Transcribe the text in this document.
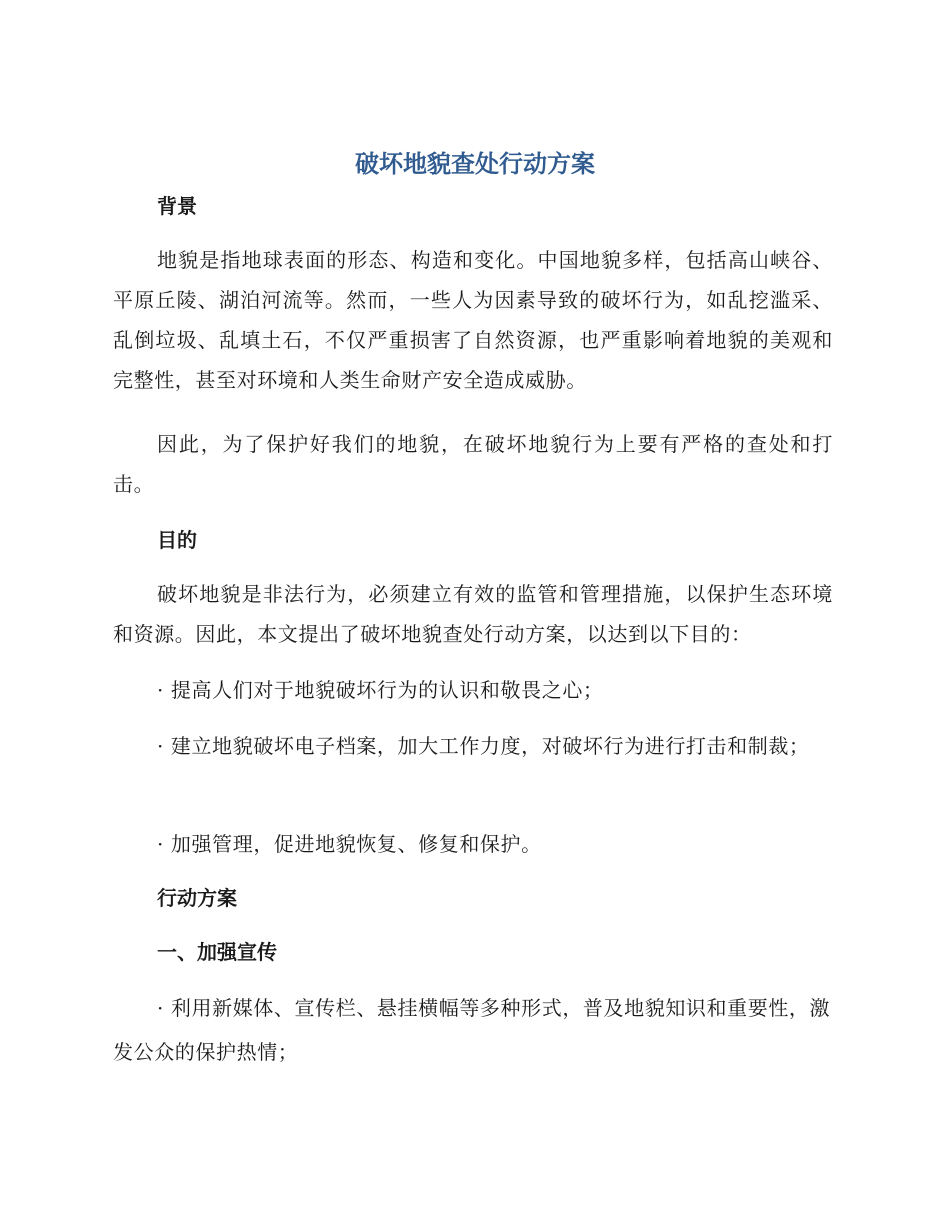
破坏地貌查处行动方案
背景

地貌是指地球表面的形态、构造和变化。中国地貌多样，包括高山峡谷、平原丘陵、湖泊河流等。然而，一些人为因素导致的破坏行为，如乱挖滥采、乱倒垃圾、乱填土石，不仅严重损害了自然资源，也严重影响着地貌的美观和完整性，甚至对环境和人类生命财产安全造成威胁。

因此，为了保护好我们的地貌，在破坏地貌行为上要有严格的查处和打击。

目的

破坏地貌是非法行为，必须建立有效的监管和管理措施，以保护生态环境和资源。因此，本文提出了破坏地貌查处行动方案，以达到以下目的：

· 提高人们对于地貌破坏行为的认识和敬畏之心；

· 建立地貌破坏电子档案，加大工作力度，对破坏行为进行打击和制裁；

· 加强管理，促进地貌恢复、修复和保护。

行动方案
一、加强宣传

· 利用新媒体、宣传栏、悬挂横幅等多种形式，普及地貌知识和重要性，激发公众的保护热情；
